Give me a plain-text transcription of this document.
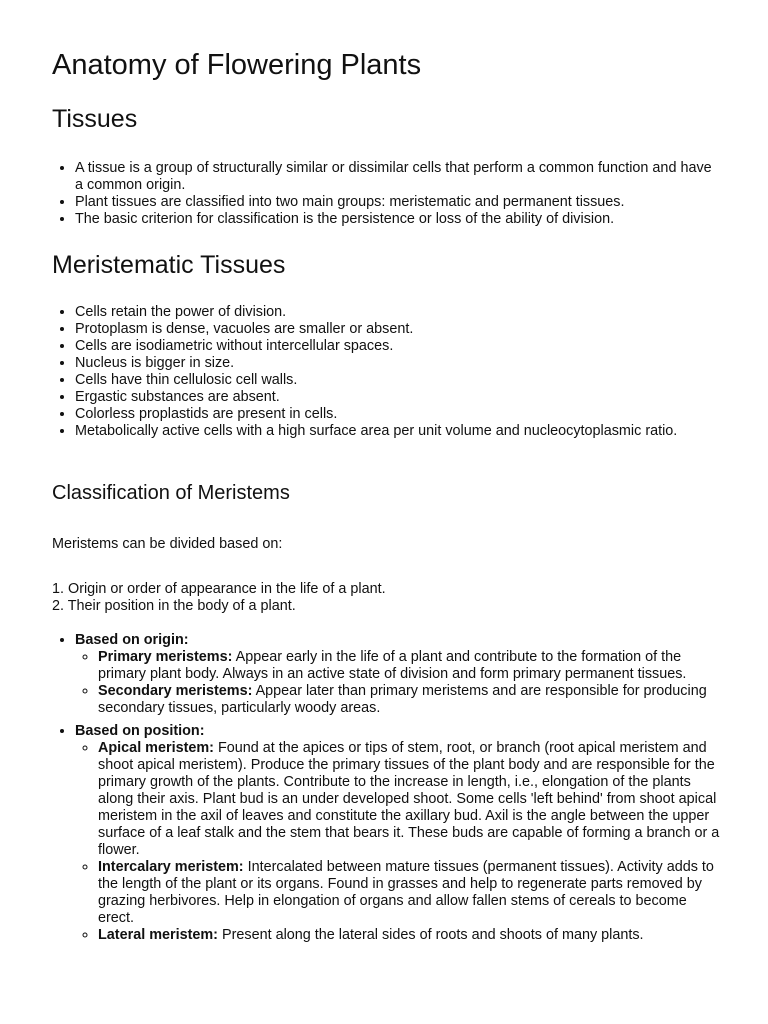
Anatomy of Flowering Plants
Tissues
• A tissue is a group of structurally similar or dissimilar cells that perform a common function and have a common origin.
• Plant tissues are classified into two main groups: meristematic and permanent tissues.
• The basic criterion for classification is the persistence or loss of the ability of division.
Meristematic Tissues
• Cells retain the power of division.
• Protoplasm is dense, vacuoles are smaller or absent.
• Cells are isodiametric without intercellular spaces.
• Nucleus is bigger in size.
• Cells have thin cellulosic cell walls.
• Ergastic substances are absent.
• Colorless proplastids are present in cells.
• Metabolically active cells with a high surface area per unit volume and nucleocytoplasmic ratio.
Classification of Meristems
Meristems can be divided based on:
1. Origin or order of appearance in the life of a plant.
2. Their position in the body of a plant.
• Based on origin:
◦ Primary meristems: Appear early in the life of a plant and contribute to the formation of the primary plant body. Always in an active state of division and form primary permanent tissues.
◦ Secondary meristems: Appear later than primary meristems and are responsible for producing secondary tissues, particularly woody areas.
• Based on position:
◦ Apical meristem: Found at the apices or tips of stem, root, or branch (root apical meristem and shoot apical meristem). Produce the primary tissues of the plant body and are responsible for the primary growth of the plants. Contribute to the increase in length, i.e., elongation of the plants along their axis. Plant bud is an under developed shoot. Some cells 'left behind' from shoot apical meristem in the axil of leaves and constitute the axillary bud. Axil is the angle between the upper surface of a leaf stalk and the stem that bears it. These buds are capable of forming a branch or a flower.
◦ Intercalary meristem: Intercalated between mature tissues (permanent tissues). Activity adds to the length of the plant or its organs. Found in grasses and help to regenerate parts removed by grazing herbivores. Help in elongation of organs and allow fallen stems of cereals to become erect.
◦ Lateral meristem: Present along the lateral sides of roots and shoots of many plants.
